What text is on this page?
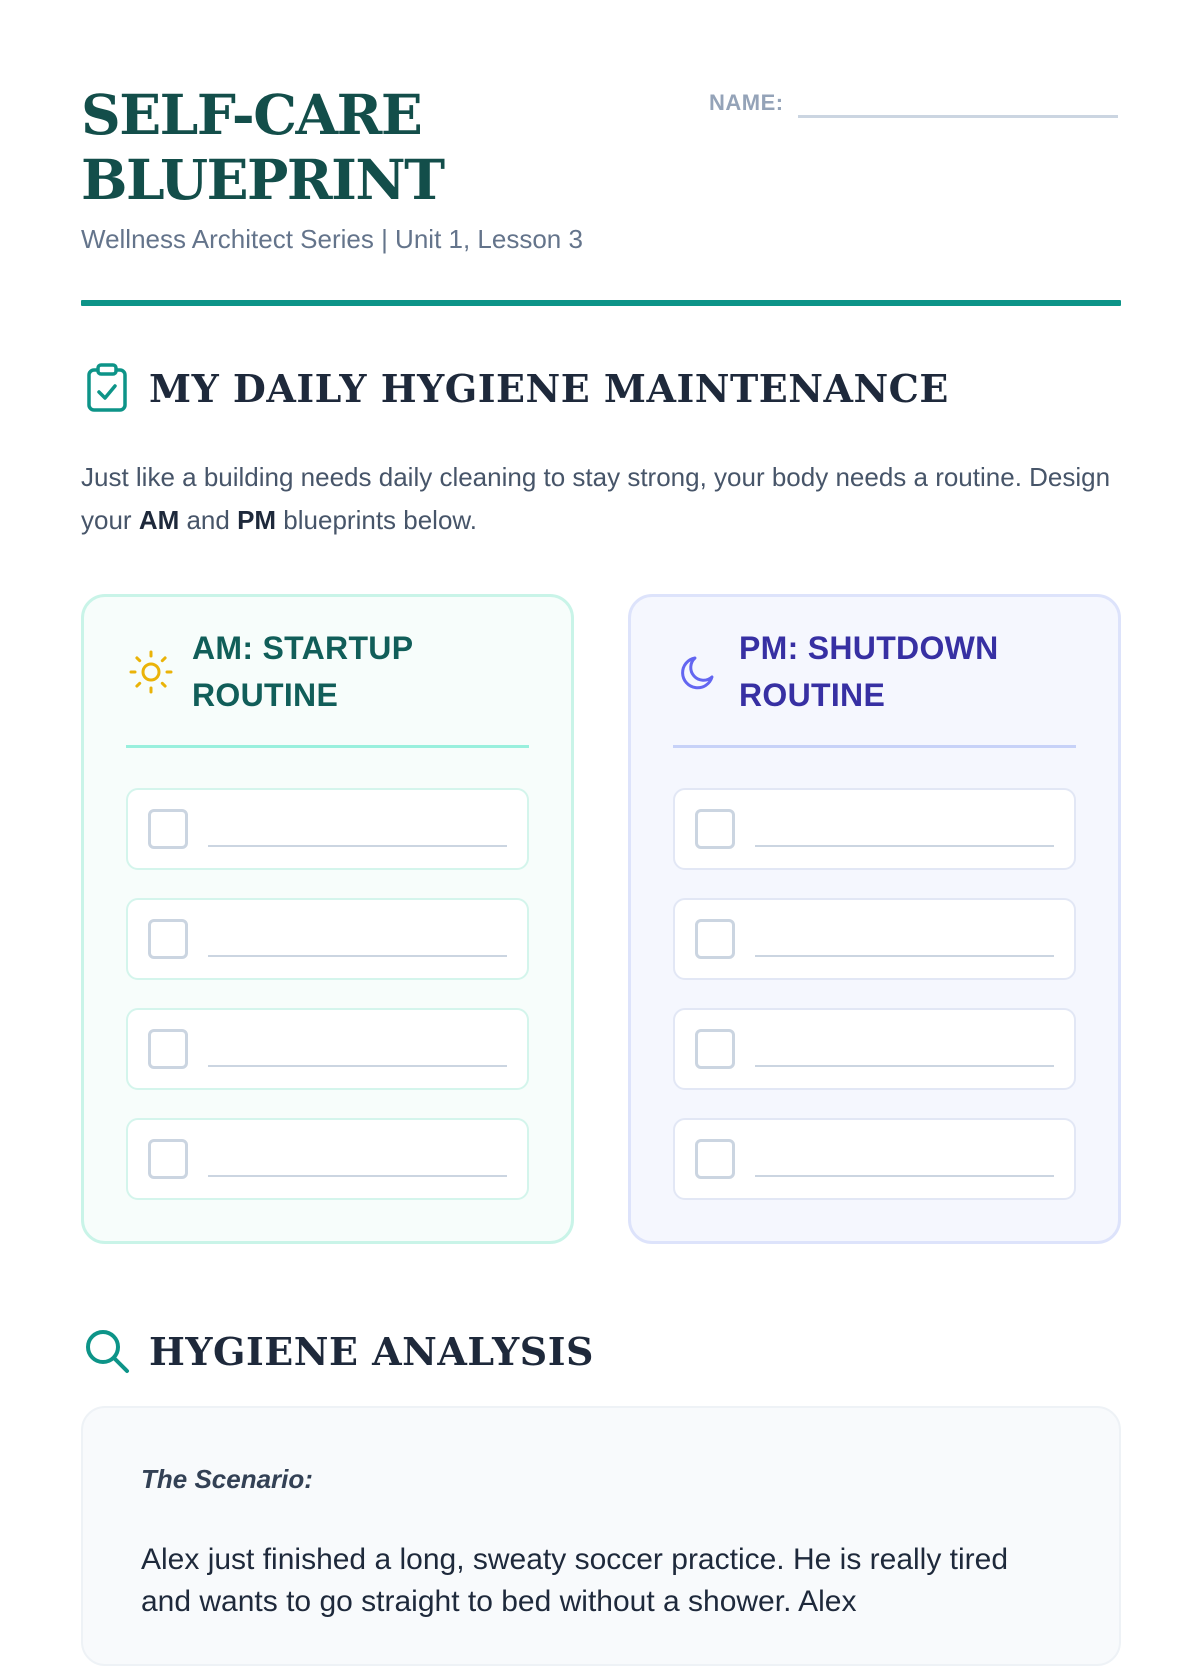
SELF-CARE
BLUEPRINT
Wellness Architect Series | Unit 1, Lesson 3
NAME:
MY DAILY HYGIENE MAINTENANCE

Just like a building needs daily cleaning to stay strong, your body needs a routine. Design your AM and PM blueprints below.

AM: STARTUP
ROUTINE
PM: SHUTDOWN
ROUTINE
HYGIENE ANALYSIS
The Scenario:
Alex just finished a long, sweaty soccer practice. He is really tired and wants to go straight to bed without a shower. Alex
